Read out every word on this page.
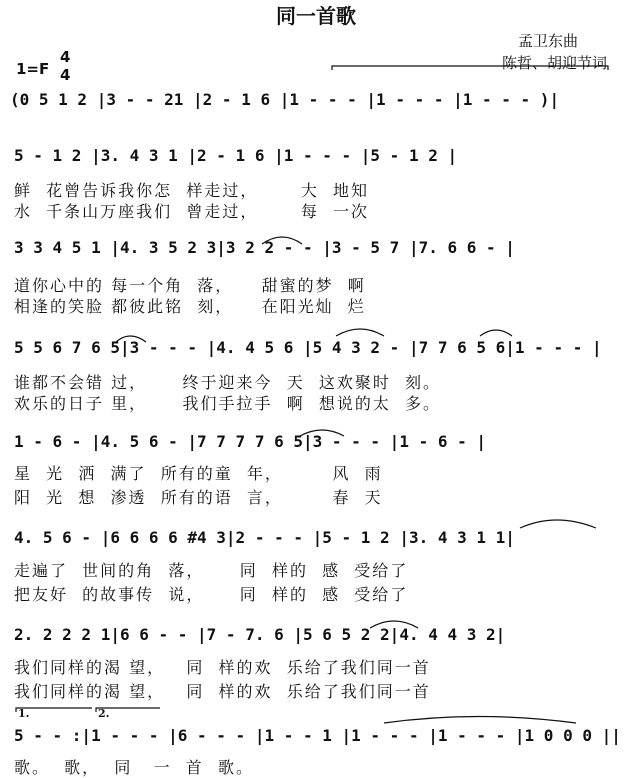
同一首歌
孟卫东曲
陈哲、胡迎节词
1=F
4
4
(0 5 1 2 |3 - - 21 |2 - 1 6 |1 - - - |1 - - - |1 - - - )|
5 - 1 2 |3. 4 3 1 |2 - 1 6 |1 - - - |5 - 1 2 |
鲜  花曾告诉我你怎  样走过，      大  地知
水  千条山万座我们  曾走过，      每  一次
3 3 4 5 1 |4. 3 5 2 3|3 2 2 - - |3 - 5 7 |7. 6 6 - |
道你心中的 每一个角  落，    甜蜜的梦  啊
相逢的笑脸 都彼此铭  刻，    在阳光灿  烂
5 5 6 7 6 5|3 - - - |4. 4 5 6 |5 4 3 2 - |7 7 6 5 6|1 - - - |
谁都不会错 过，     终于迎来今  天  这欢聚时  刻。
欢乐的日子 里，     我们手拉手  啊  想说的太  多。
1 - 6 - |4. 5 6 - |7 7 7 7 6 5|3 - - - |1 - 6 - |
星  光  洒  满了  所有的童  年，       风  雨
阳  光  想  渗透  所有的语  言，       春  天
4. 5 6 - |6 6 6 6 #4 3|2 - - - |5 - 1 2 |3. 4 3 1 1|
走遍了  世间的角  落，     同  样的  感  受给了
把友好  的故事传  说，     同  样的  感  受给了
2. 2 2 2 1|6 6 - - |7 - 7. 6 |5 6 5 2 2|4. 4 4 3 2|
我们同样的渴 望，   同  样的欢  乐给了我们同一首
我们同样的渴 望，   同  样的欢  乐给了我们同一首
1.	2.
5 - - :|1 - - - |6 - - - |1 - - 1 |1 - - - |1 - - - |1 0 0 0 ||
歌。  歌，  同   一  首  歌。
